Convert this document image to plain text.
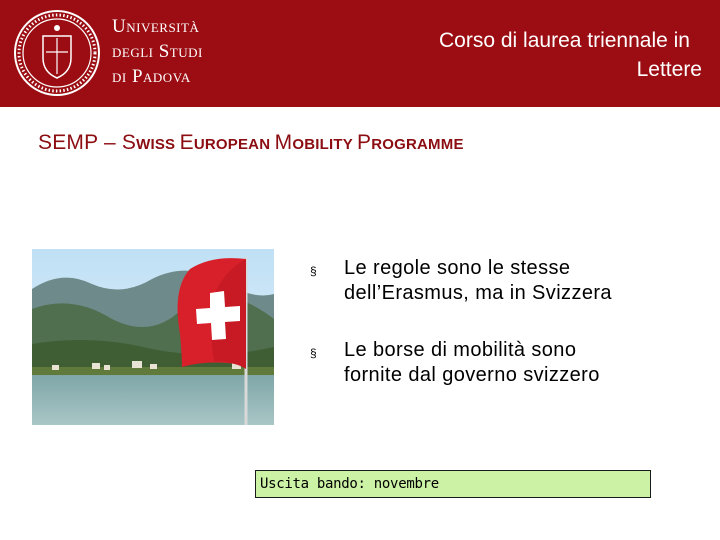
Università
degli Studi
di Padova
Corso di laurea triennale in
Lettere
SEMP – SWISS EUROPEAN MOBILITY PROGRAMME
§ Le regole sono le stesse
dell’Erasmus, ma in Svizzera
§ Le borse di mobilità sono
fornite dal governo svizzero
Uscita bando: novembre
